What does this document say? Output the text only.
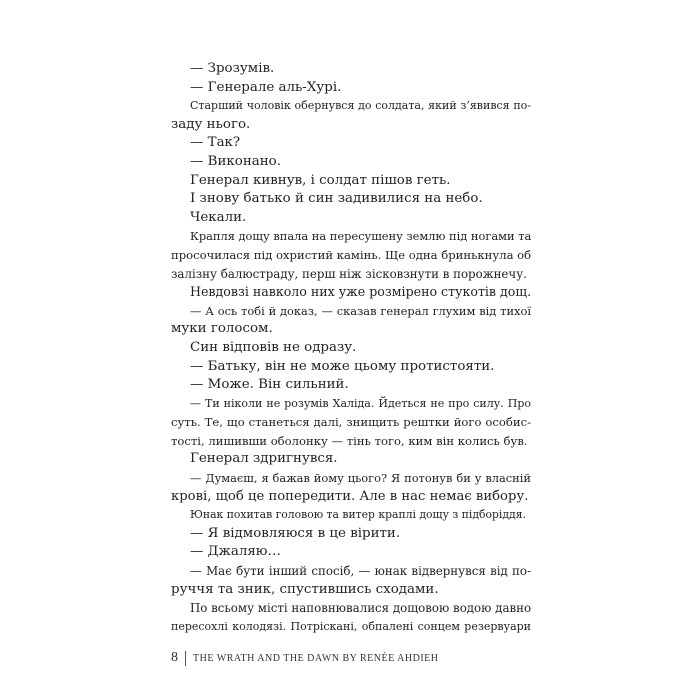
— Зрозумів.

— Генерале аль-Хурі.

Старший чоловік обернувся до солдата, який з’явився по-

заду нього.

— Так?

— Виконано.

Генерал кивнув, і солдат пішов геть.

І знову батько й син задивилися на небо.

Чекали.

Крапля дощу впала на пересушену землю під ногами та

просочилася під охристий камінь. Ще одна бринькнула об

залізну балюстраду, перш ніж зісковзнути в порожнечу.

Невдовзі навколо них уже розмірено стукотів дощ.

— А ось тобі й доказ, — сказав генерал глухим від тихої

муки голосом.

Син відповів не одразу.

— Батьку, він не може цьому протистояти.

— Може. Він сильний.

— Ти ніколи не розумів Халіда. Йдеться не про силу. Про

суть. Те, що станеться далі, знищить рештки його особис-

тості, лишивши оболонку — тінь того, ким він колись був.

Генерал здригнувся.

— Думаєш, я бажав йому цього? Я потонув би у власній

крові, щоб це попередити. Але в нас немає вибору.

Юнак похитав головою та витер краплі дощу з підборіддя.

— Я відмовляюся в це вірити.

— Джаляю…

— Має бути інший спосіб, — юнак відвернувся від по-

руччя та зник, спустившись сходами.

По всьому місті наповнювалися дощовою водою давно

пересохлі колодязі. Потріскані, обпалені сонцем резервуари

8 THE WRATH AND THE DAWN BY RENÉE AHDIEH
